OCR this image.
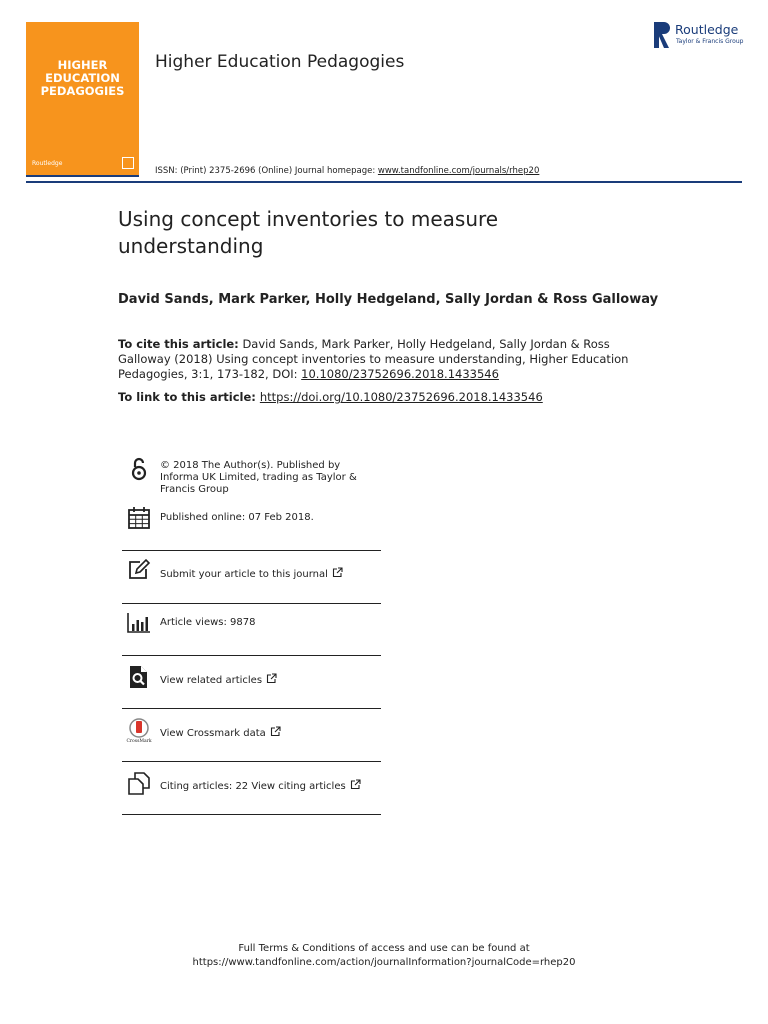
HIGHER
EDUCATION
PEDAGOGIES
Routledge
Higher Education Pedagogies
ISSN: (Print) 2375-2696 (Online) Journal homepage: www.tandfonline.com/journals/rhep20
Routledge
Taylor & Francis Group
Using concept inventories to measure understanding
David Sands, Mark Parker, Holly Hedgeland, Sally Jordan & Ross Galloway
To cite this article: David Sands, Mark Parker, Holly Hedgeland, Sally Jordan & Ross Galloway (2018) Using concept inventories to measure understanding, Higher Education Pedagogies, 3:1, 173-182, DOI: 10.1080/23752696.2018.1433546
To link to this article: https://doi.org/10.1080/23752696.2018.1433546
© 2018 The Author(s). Published by Informa UK Limited, trading as Taylor & Francis Group
Published online: 07 Feb 2018.
Submit your article to this journal
Article views: 9878
View related articles
CrossMark
View Crossmark data
Citing articles: 22 View citing articles
Full Terms & Conditions of access and use can be found at
https://www.tandfonline.com/action/journalInformation?journalCode=rhep20
